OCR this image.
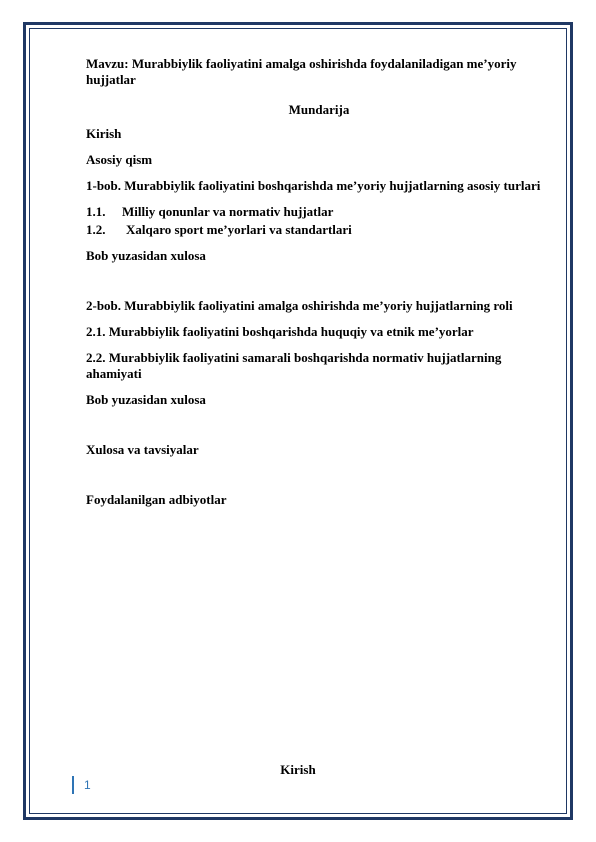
Mavzu: Murabbiylik faoliyatini amalga oshirishda foydalaniladigan me’yoriy hujjatlar

Mundarija

Kirish

Asosiy qism

1-bob. Murabbiylik faoliyatini boshqarishda me’yoriy hujjatlarning asosiy turlari

1.1. Milliy qonunlar va normativ hujjatlar

1.2. Xalqaro sport me’yorlari va standartlari

Bob yuzasidan xulosa

2-bob. Murabbiylik faoliyatini amalga oshirishda me’yoriy hujjatlarning roli

2.1. Murabbiylik faoliyatini boshqarishda huquqiy va etnik me’yorlar

2.2. Murabbiylik faoliyatini samarali boshqarishda normativ hujjatlarning ahamiyati

Bob yuzasidan xulosa

Xulosa va tavsiyalar

Foydalanilgan adbiyotlar

Kirish
1
